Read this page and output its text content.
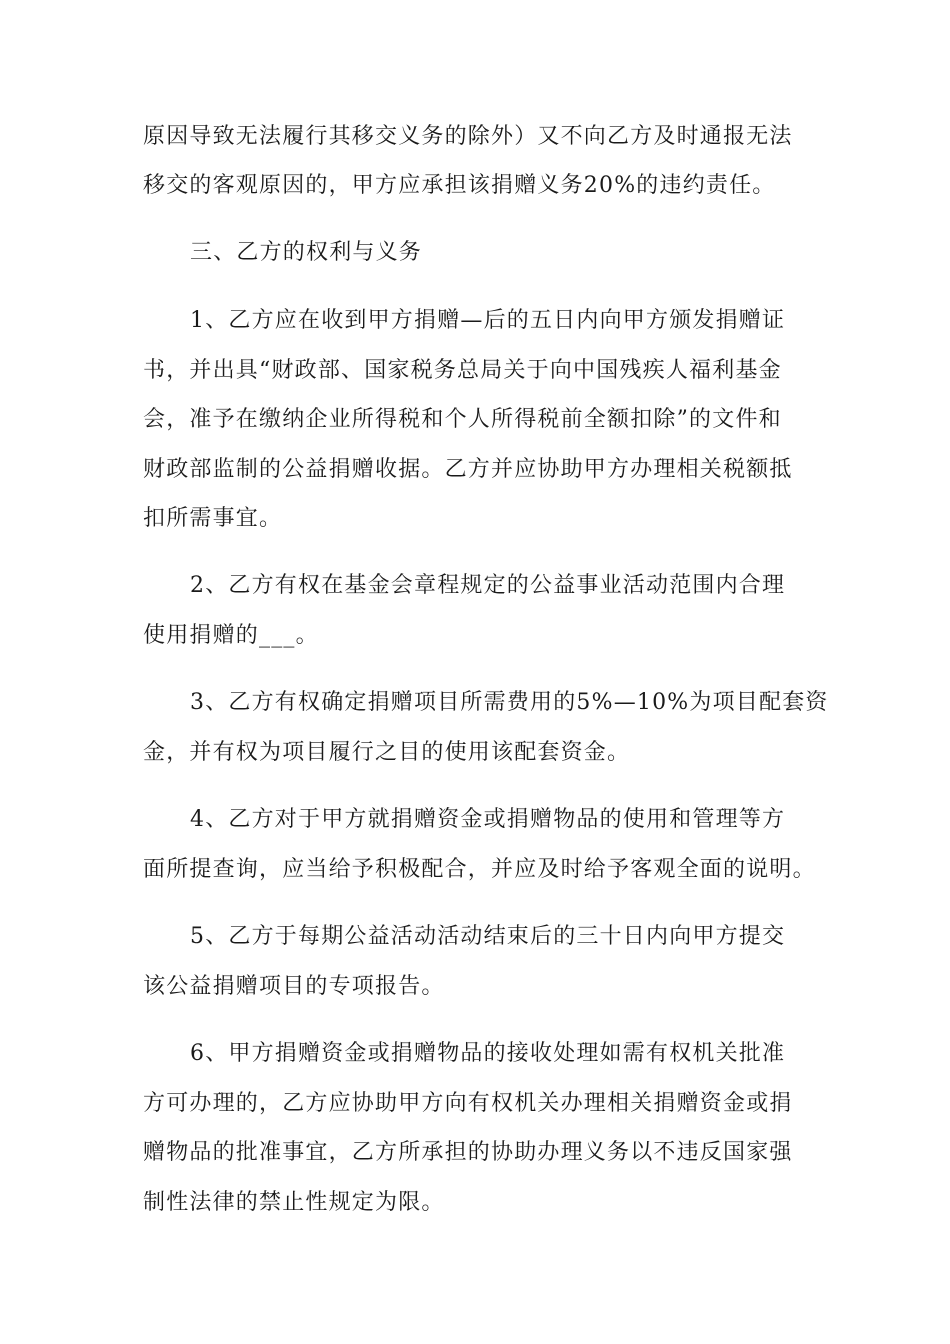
原因导致无法履行其移交义务的除外）又不向乙方及时通报无法
移交的客观原因的，甲方应承担该捐赠义务20%的违约责任。
三、乙方的权利与义务
1、乙方应在收到甲方捐赠—后的五日内向甲方颁发捐赠证
书，并出具“财政部、国家税务总局关于向中国残疾人福利基金
会，准予在缴纳企业所得税和个人所得税前全额扣除”的文件和
财政部监制的公益捐赠收据。乙方并应协助甲方办理相关税额抵
扣所需事宜。
2、乙方有权在基金会章程规定的公益事业活动范围内合理
使用捐赠的___。
3、乙方有权确定捐赠项目所需费用的5%—10%为项目配套资
金，并有权为项目履行之目的使用该配套资金。
4、乙方对于甲方就捐赠资金或捐赠物品的使用和管理等方
面所提查询，应当给予积极配合，并应及时给予客观全面的说明。
5、乙方于每期公益活动活动结束后的三十日内向甲方提交
该公益捐赠项目的专项报告。
6、甲方捐赠资金或捐赠物品的接收处理如需有权机关批准
方可办理的，乙方应协助甲方向有权机关办理相关捐赠资金或捐
赠物品的批准事宜，乙方所承担的协助办理义务以不违反国家强
制性法律的禁止性规定为限。
